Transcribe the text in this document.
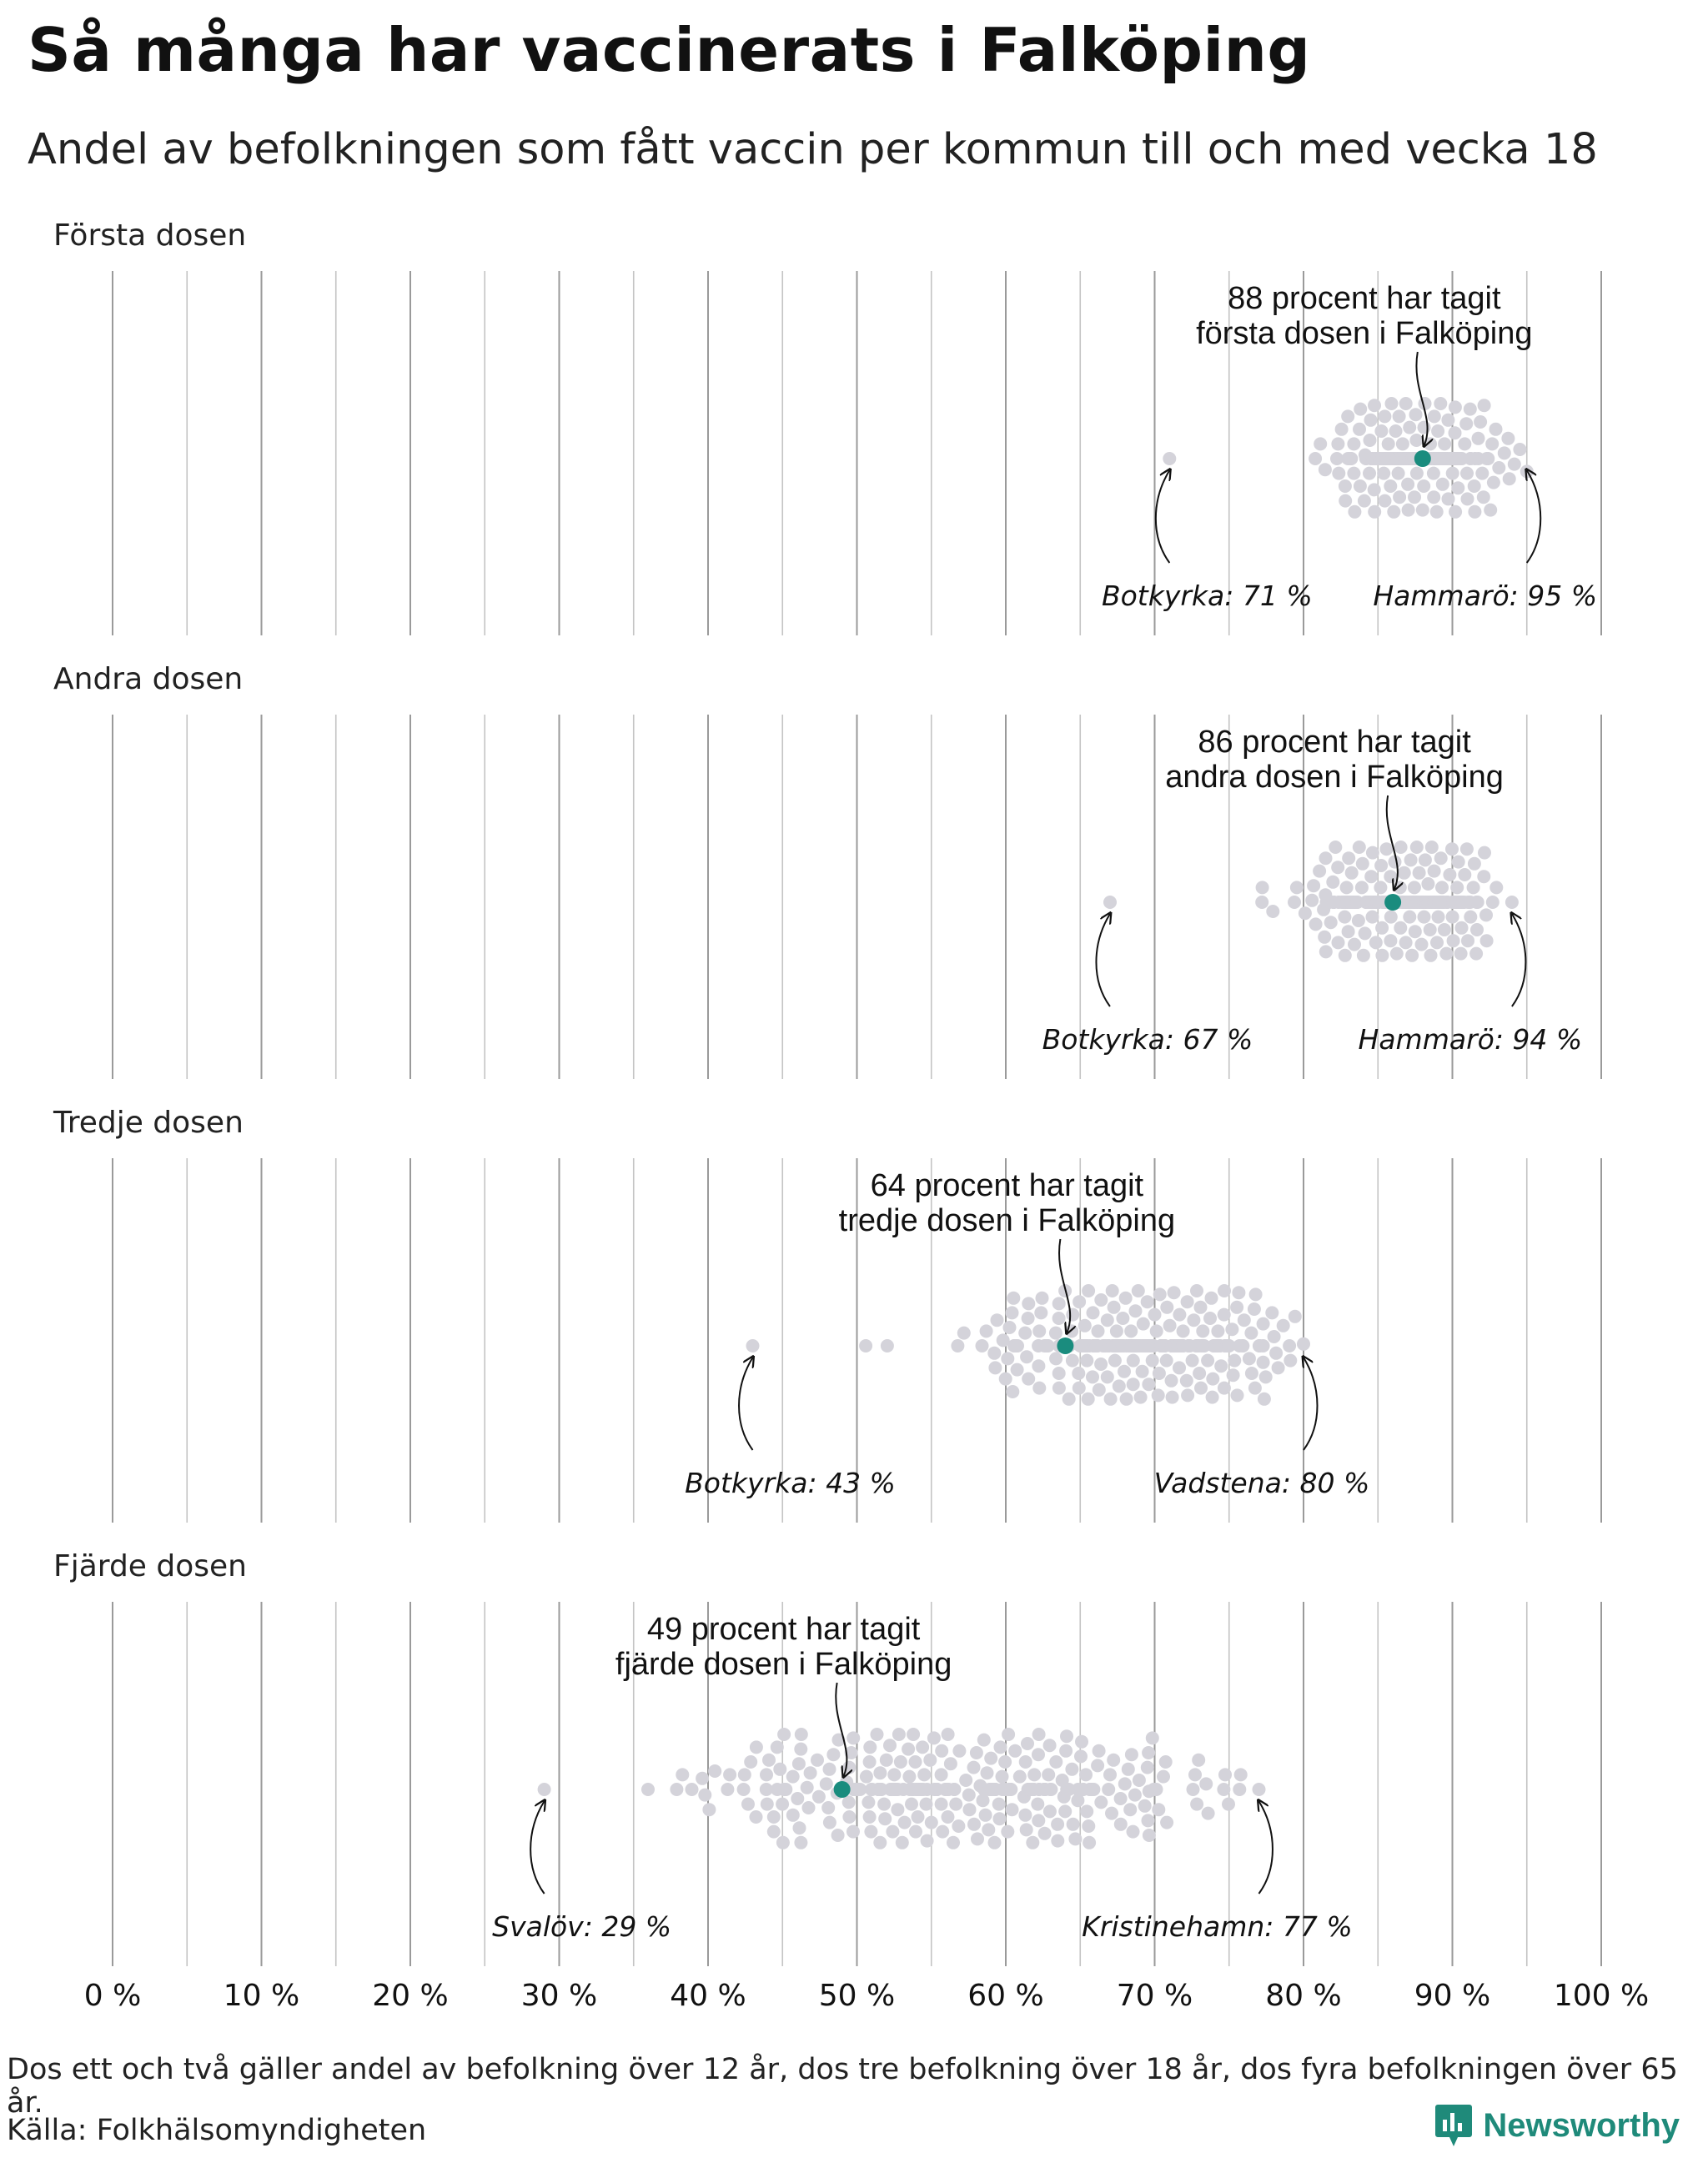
Så många har vaccinerats i Falköping
Andel av befolkningen som fått vaccin per kommun till och med vecka 18
Första dosen
88 procent har tagit
första dosen i Falköping
Botkyrka: 71 % Hammarö: 95 %
Andra dosen
86 procent har tagit
andra dosen i Falköping
Botkyrka: 67 %	Hammarö: 94 %
Tredje dosen
64 procent har tagit
tredje dosen i Falköping
Botkyrka: 43 %	Vadstena: 80 %
Fjärde dosen
49 procent har tagit
fjärde dosen i Falköping
Svalöv: 29 %	Kristinehamn: 77 %
0 %	10 % 20 % 30 % 40 % 50 % 60 % 70 % 80 % 90 % 100 %

Dos ett och två gäller andel av befolkning över 12 år, dos tre befolkning över 18 år, dos fyra befolkningen över 65 år.

Källa: Folkhälsomyndigheten	Newsworthy
